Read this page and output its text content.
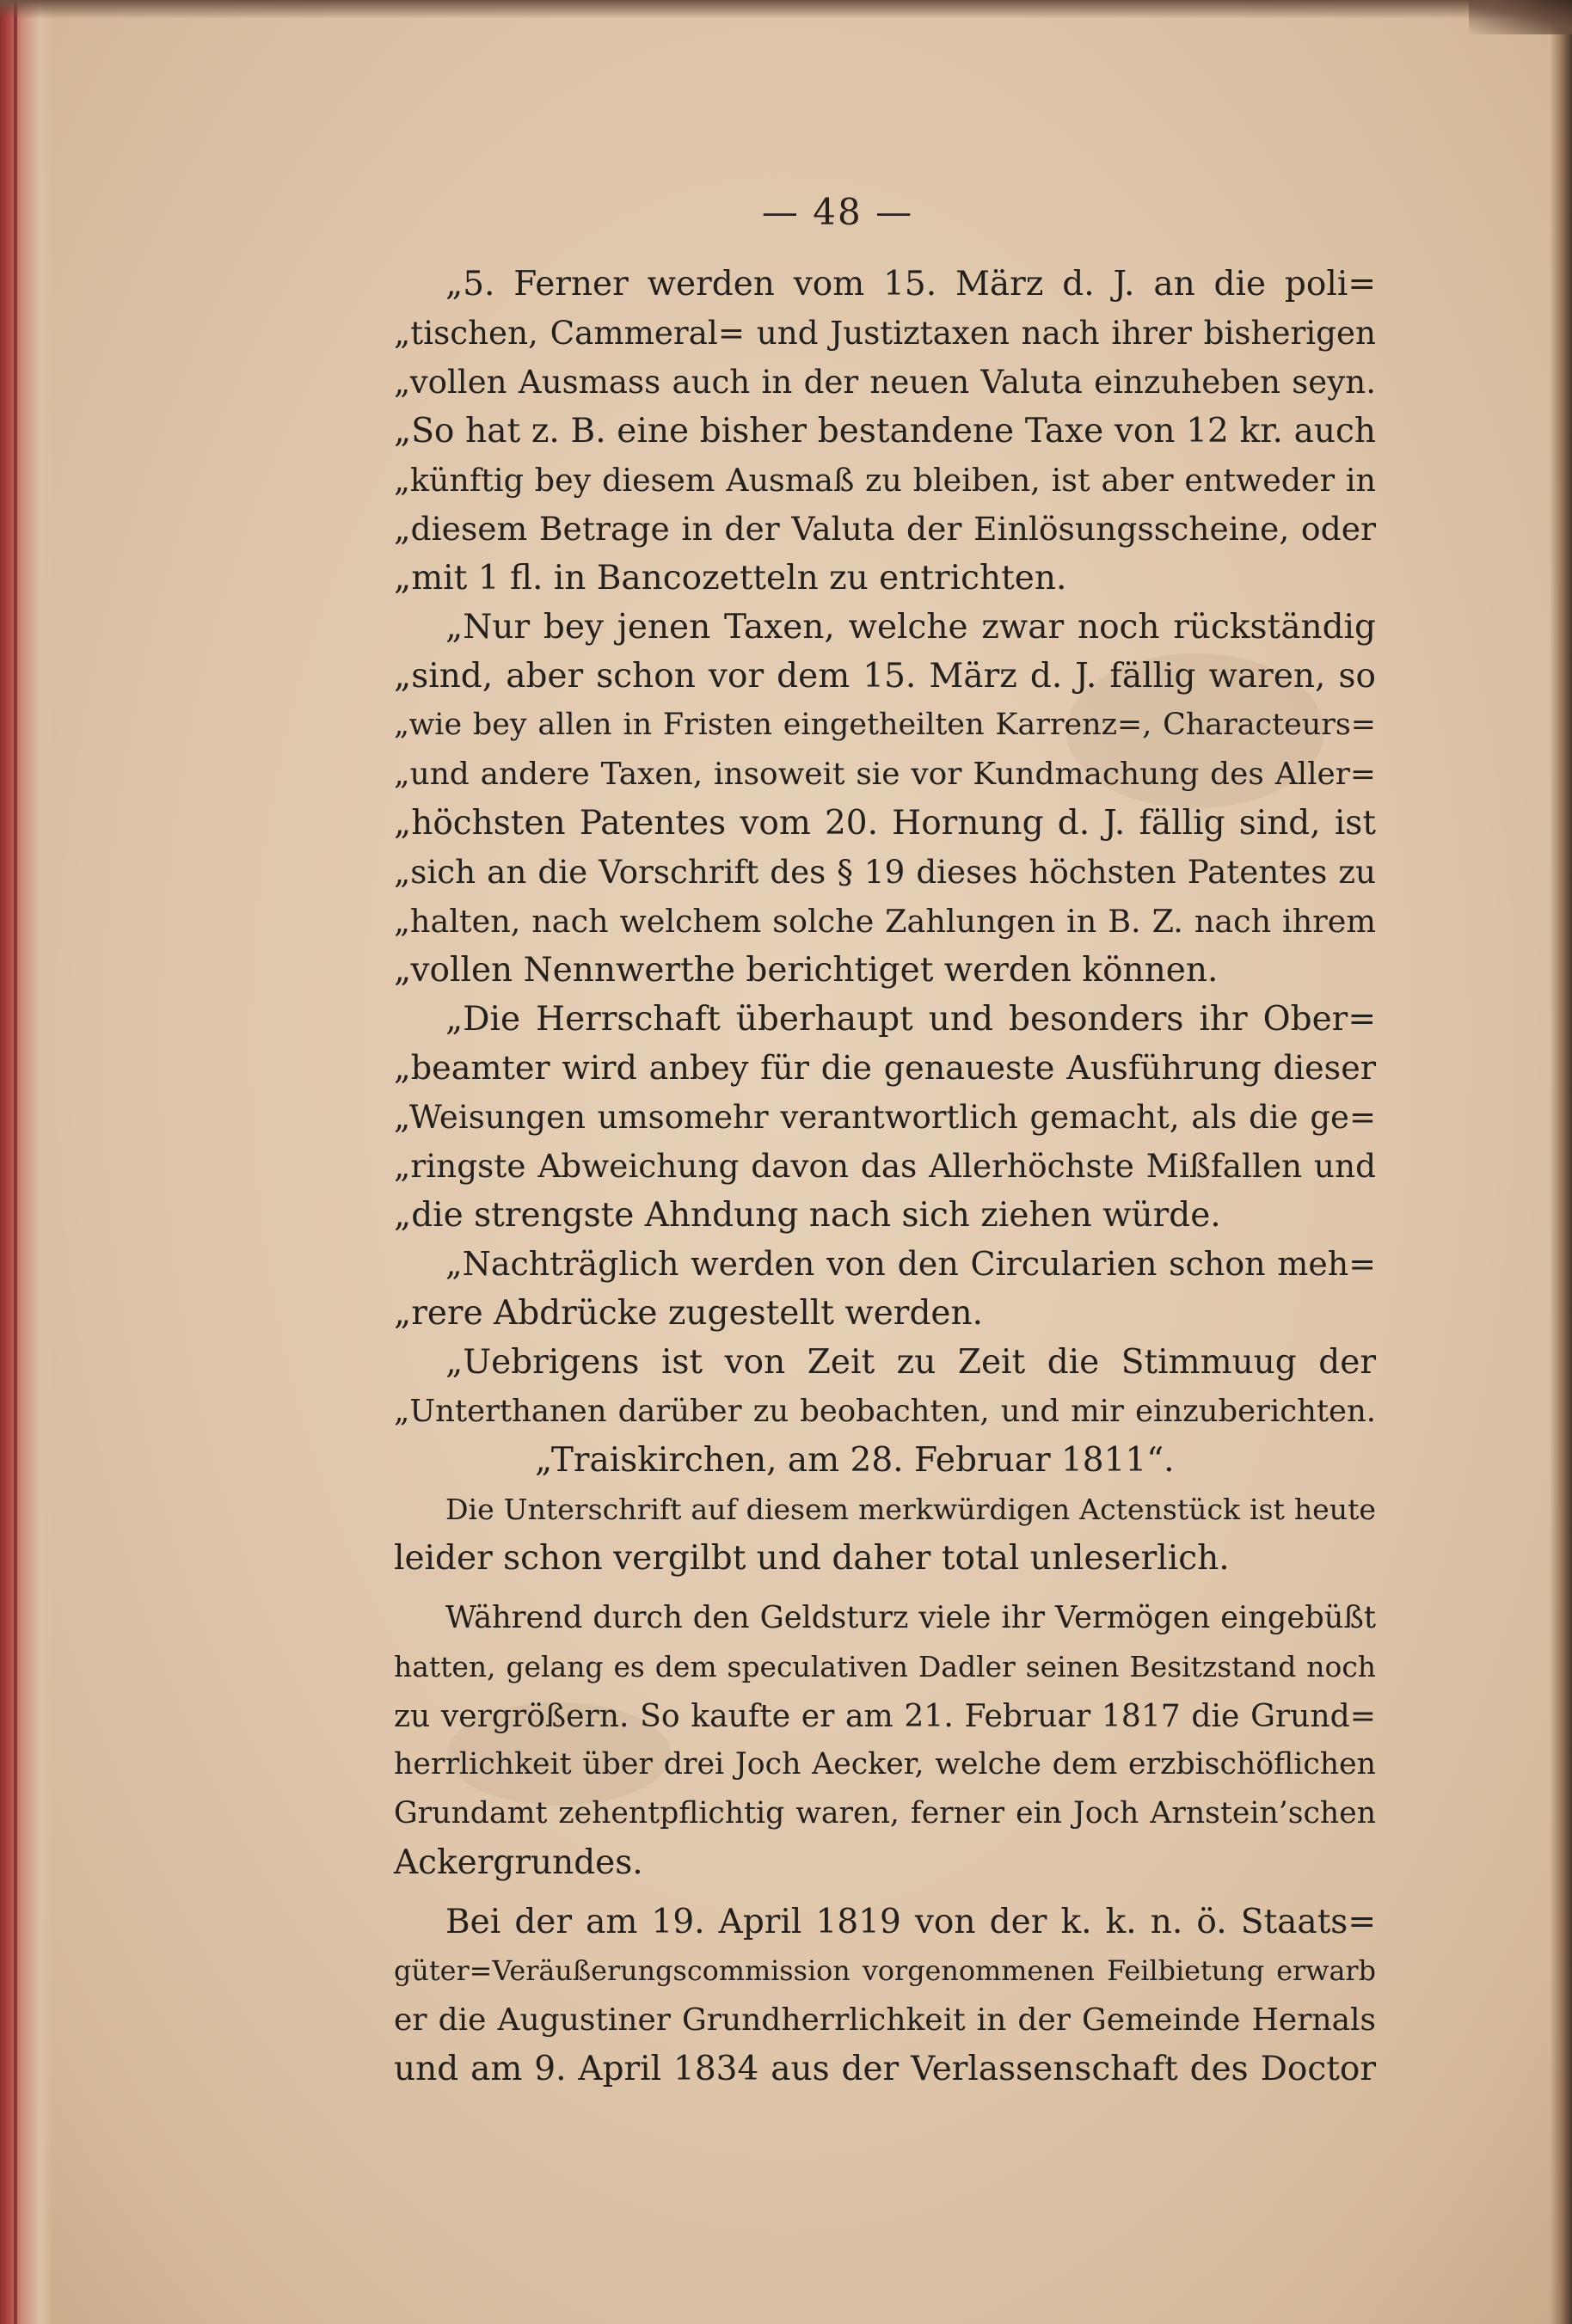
— 48 —
„5. Ferner werden vom 15. März d. J. an die poli=
„tischen, Cammeral= und Justiztaxen nach ihrer bisherigen
„vollen Ausmass auch in der neuen Valuta einzuheben seyn.
„So hat z. B. eine bisher bestandene Taxe von 12 kr. auch
„künftig bey diesem Ausmaß zu bleiben, ist aber entweder in
„diesem Betrage in der Valuta der Einlösungsscheine, oder
„mit 1 fl. in Bancozetteln zu entrichten.
„Nur bey jenen Taxen, welche zwar noch rückständig
„sind, aber schon vor dem 15. März d. J. fällig waren, so
„wie bey allen in Fristen eingetheilten Karrenz=, Characteurs=
„und andere Taxen, insoweit sie vor Kundmachung des Aller=
„höchsten Patentes vom 20. Hornung d. J. fällig sind, ist
„sich an die Vorschrift des § 19 dieses höchsten Patentes zu
„halten, nach welchem solche Zahlungen in B. Z. nach ihrem
„vollen Nennwerthe berichtiget werden können.
„Die Herrschaft überhaupt und besonders ihr Ober=
„beamter wird anbey für die genaueste Ausführung dieser
„Weisungen umsomehr verantwortlich gemacht, als die ge=
„ringste Abweichung davon das Allerhöchste Mißfallen und
„die strengste Ahndung nach sich ziehen würde.
„Nachträglich werden von den Circularien schon meh=
„rere Abdrücke zugestellt werden.
„Uebrigens ist von Zeit zu Zeit die Stimmuug der
„Unterthanen darüber zu beobachten, und mir einzuberichten.
„Traiskirchen, am 28. Februar 1811“.
Die Unterschrift auf diesem merkwürdigen Actenstück ist heute
leider schon vergilbt und daher total unleserlich.
Während durch den Geldsturz viele ihr Vermögen eingebüßt
hatten, gelang es dem speculativen Dadler seinen Besitzstand noch
zu vergrößern. So kaufte er am 21. Februar 1817 die Grund=
herrlichkeit über drei Joch Aecker, welche dem erzbischöflichen
Grundamt zehentpflichtig waren, ferner ein Joch Arnstein’schen
Ackergrundes.
Bei der am 19. April 1819 von der k. k. n. ö. Staats=
güter=Veräußerungscommission vorgenommenen Feilbietung erwarb
er die Augustiner Grundherrlichkeit in der Gemeinde Hernals
und am 9. April 1834 aus der Verlassenschaft des Doctor
